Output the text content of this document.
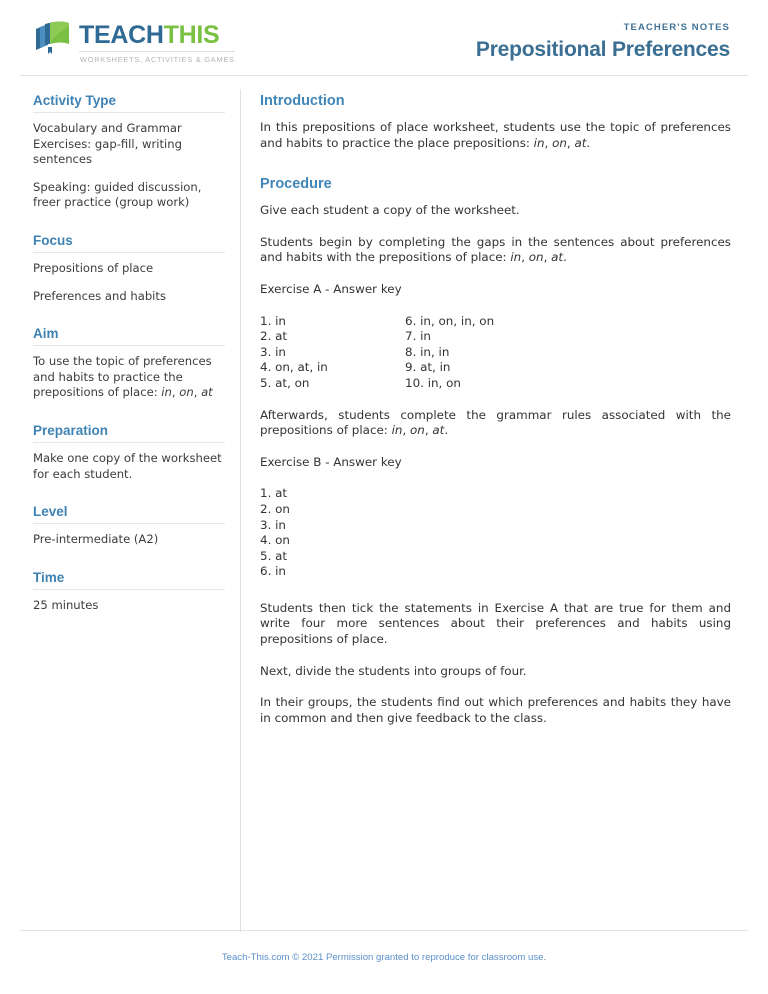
TEACHTHIS
WORKSHEETS, ACTIVITIES & GAMES
TEACHER'S NOTES
Prepositional Preferences
Activity Type

Vocabulary and Grammar Exercises: gap-fill, writing sentences

Speaking: guided discussion, freer practice (group work)

Focus

Prepositions of place

Preferences and habits

Aim

To use the topic of preferences and habits to practice the prepositions of place: in, on, at

Preparation

Make one copy of the worksheet for each student.

Level

Pre-intermediate (A2)

Time

25 minutes

Introduction

In this prepositions of place worksheet, students use the topic of preferences and habits to practice the place prepositions: in, on, at.

Procedure

Give each student a copy of the worksheet.

Students begin by completing the gaps in the sentences about preferences and habits with the prepositions of place: in, on, at.

Exercise A - Answer key

1. in
2. at
3. in
4. on, at, in
5. at, on
6. in, on, in, on
7. in
8. in, in
9. at, in
10. in, on

Afterwards, students complete the grammar rules associated with the prepositions of place: in, on, at.

Exercise B - Answer key

1. at
2. on
3. in
4. on
5. at
6. in

Students then tick the statements in Exercise A that are true for them and write four more sentences about their preferences and habits using prepositions of place.

Next, divide the students into groups of four.

In their groups, the students find out which preferences and habits they have in common and then give feedback to the class.

Teach-This.com © 2021 Permission granted to reproduce for classroom use.
